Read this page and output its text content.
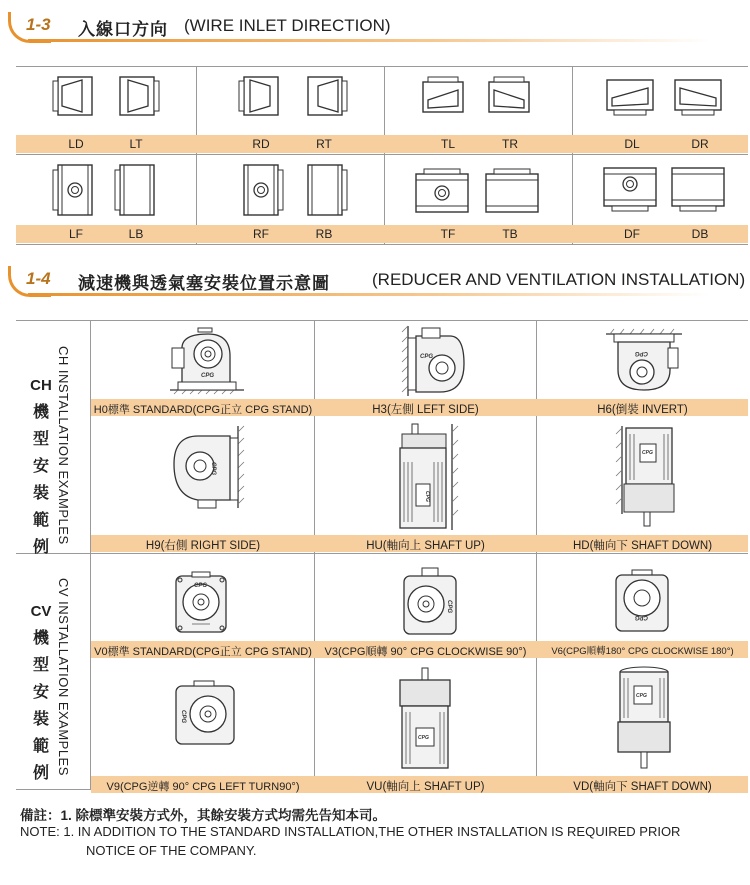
1-3 入線口方向 (WIRE INLET DIRECTION)
LD	LT	RD	RT	TL	TR	DL	DR
LF	LB	RF	RB	TF	TB	DF	DB
1-4 減速機與透氣塞安裝位置示意圖 (REDUCER AND VENTILATION INSTALLATION)
CH INSTALLATION EXAMPLES
CH
機
型
安
裝
範
例
CV INSTALLATION EXAMPLES
CV
機
型
安
裝
範
例
CPG
CPG
CPG
CPG
CPG
CPG
H0標準 STANDARD(CPG正立 CPG STAND)	H3(左側 LEFT SIDE)	H6(倒裝 INVERT)
H9(右側 RIGHT SIDE)	HU(軸向上 SHAFT UP)	HD(軸向下 SHAFT DOWN)
CPG
CPG
CPG
CPG
CPG
CPG
V0標準 STANDARD(CPG正立 CPG STAND)	V3(CPG順轉 90° CPG CLOCKWISE 90°)	V6(CPG順轉180° CPG CLOCKWISE 180°)
V9(CPG逆轉 90° CPG LEFT TURN90°)	VU(軸向上 SHAFT UP)	VD(軸向下 SHAFT DOWN)
備註：1. 除標準安裝方式外，其餘安裝方式均需先告知本司。
NOTE: 1. IN ADDITION TO THE STANDARD INSTALLATION,THE OTHER INSTALLATION IS REQUIRED PRIOR
NOTICE OF THE COMPANY.
